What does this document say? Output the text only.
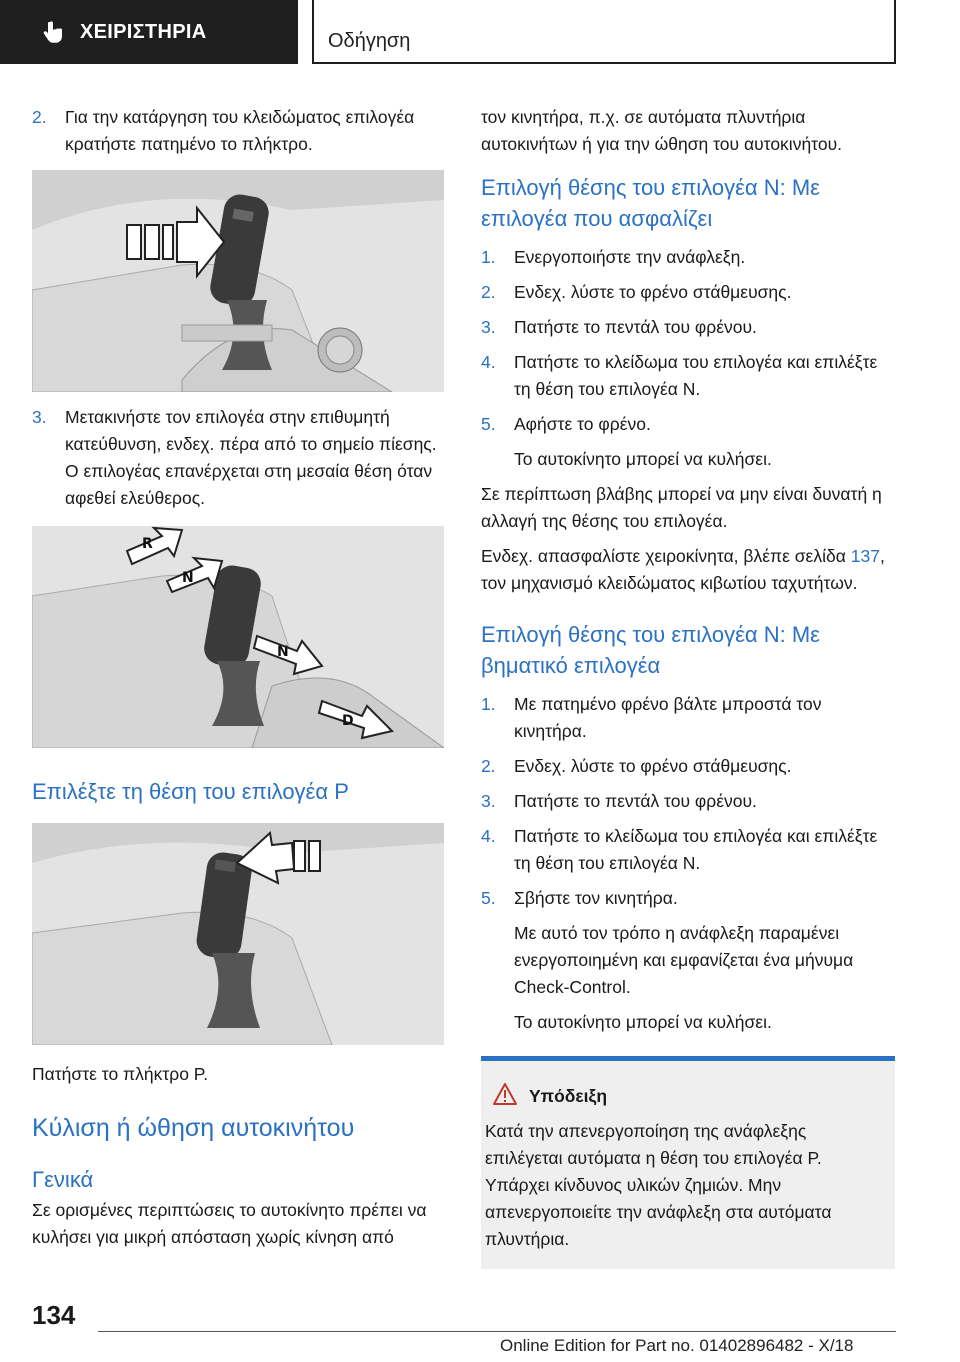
ΧΕΙΡΙΣΤΗΡΙΑ	Οδήγηση
2. Για την κατάργηση του κλειδώματος επιλογέα κρατήστε πατημένο το πλήκτρο.
3. Μετακινήστε τον επιλογέα στην επιθυμητή κατεύθυνση, ενδεχ. πέρα από το σημείο πίεσης. Ο επιλογέας επανέρχεται στη μεσαία θέση όταν αφεθεί ελεύθερος.
R
N
N
D
Επιλέξτε τη θέση του επιλογέα P

Πατήστε το πλήκτρο P.

Κύλιση ή ώθηση αυτοκινήτου
Γενικά

Σε ορισμένες περιπτώσεις το αυτοκίνητο πρέπει να κυλήσει για μικρή απόσταση χωρίς κίνηση από

τον κινητήρα, π.χ. σε αυτόματα πλυντήρια αυτοκινήτων ή για την ώθηση του αυτοκινήτου.

Επιλογή θέσης του επιλογέα N: Με επιλογέα που ασφαλίζει
1. Ενεργοποιήστε την ανάφλεξη.
2. Ενδεχ. λύστε το φρένο στάθμευσης.
3. Πατήστε το πεντάλ του φρένου.
4. Πατήστε το κλείδωμα του επιλογέα και επιλέξτε τη θέση του επιλογέα N.
5. Αφήστε το φρένο.
Το αυτοκίνητο μπορεί να κυλήσει.

Σε περίπτωση βλάβης μπορεί να μην είναι δυνατή η αλλαγή της θέσης του επιλογέα.

Ενδεχ. απασφαλίστε χειροκίνητα, βλέπε σελίδα 137, τον μηχανισμό κλειδώματος κιβωτίου ταχυτήτων.

Επιλογή θέσης του επιλογέα N: Με βηματικό επιλογέα
1. Με πατημένο φρένο βάλτε μπροστά τον κινητήρα.
2. Ενδεχ. λύστε το φρένο στάθμευσης.
3. Πατήστε το πεντάλ του φρένου.
4. Πατήστε το κλείδωμα του επιλογέα και επιλέξτε τη θέση του επιλογέα N.
5. Σβήστε τον κινητήρα.
Με αυτό τον τρόπο η ανάφλεξη παραμένει ενεργοποιημένη και εμφανίζεται ένα μήνυμα Check-Control.
Το αυτοκίνητο μπορεί να κυλήσει.
Υπόδειξη

Κατά την απενεργοποίηση της ανάφλεξης επιλέγεται αυτόματα η θέση του επιλογέα P. Υπάρχει κίνδυνος υλικών ζημιών. Μην απενεργοποιείτε την ανάφλεξη στα αυτόματα πλυντήρια.

134
Online Edition for Part no. 01402896482 - X/18
